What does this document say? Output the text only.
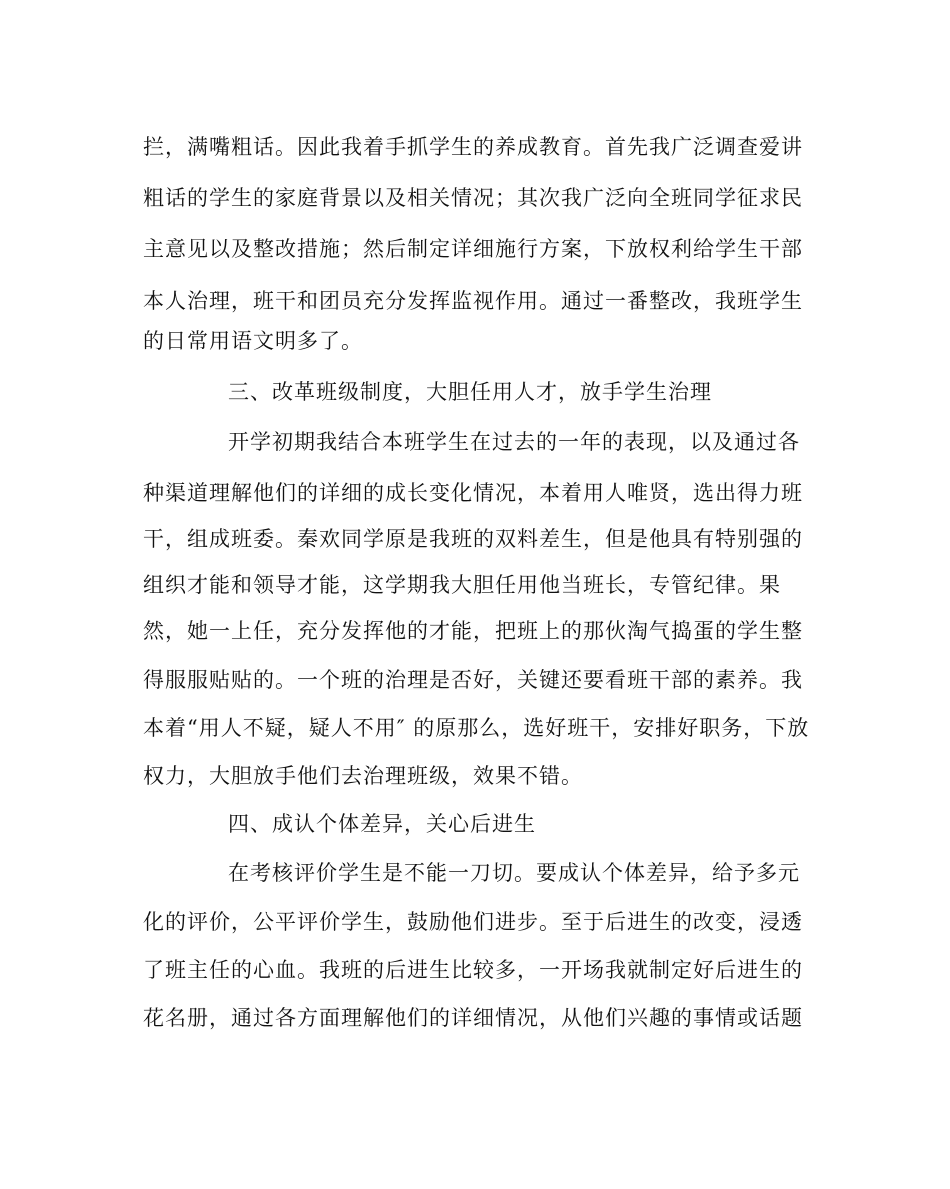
拦，满嘴粗话。因此我着手抓学生的养成教育。首先我广泛调查爱讲
粗话的学生的家庭背景以及相关情况；其次我广泛向全班同学征求民
主意见以及整改措施；然后制定详细施行方案，下放权利给学生干部
本人治理，班干和团员充分发挥监视作用。通过一番整改，我班学生
的日常用语文明多了。
三、改革班级制度，大胆任用人才，放手学生治理
开学初期我结合本班学生在过去的一年的表现，以及通过各
种渠道理解他们的详细的成长变化情况，本着用人唯贤，选出得力班
干，组成班委。秦欢同学原是我班的双料差生，但是他具有特别强的
组织才能和领导才能，这学期我大胆任用他当班长，专管纪律。果
然，她一上任，充分发挥他的才能，把班上的那伙淘气捣蛋的学生整
得服服贴贴的。一个班的治理是否好，关键还要看班干部的素养。我
本着“用人不疑，疑人不用″ 的原那么，选好班干，安排好职务，下放
权力，大胆放手他们去治理班级，效果不错。
四、成认个体差异，关心后进生
在考核评价学生是不能一刀切。要成认个体差异，给予多元
化的评价，公平评价学生，鼓励他们进步。至于后进生的改变，浸透
了班主任的心血。我班的后进生比较多，一开场我就制定好后进生的
花名册，通过各方面理解他们的详细情况，从他们兴趣的事情或话题
